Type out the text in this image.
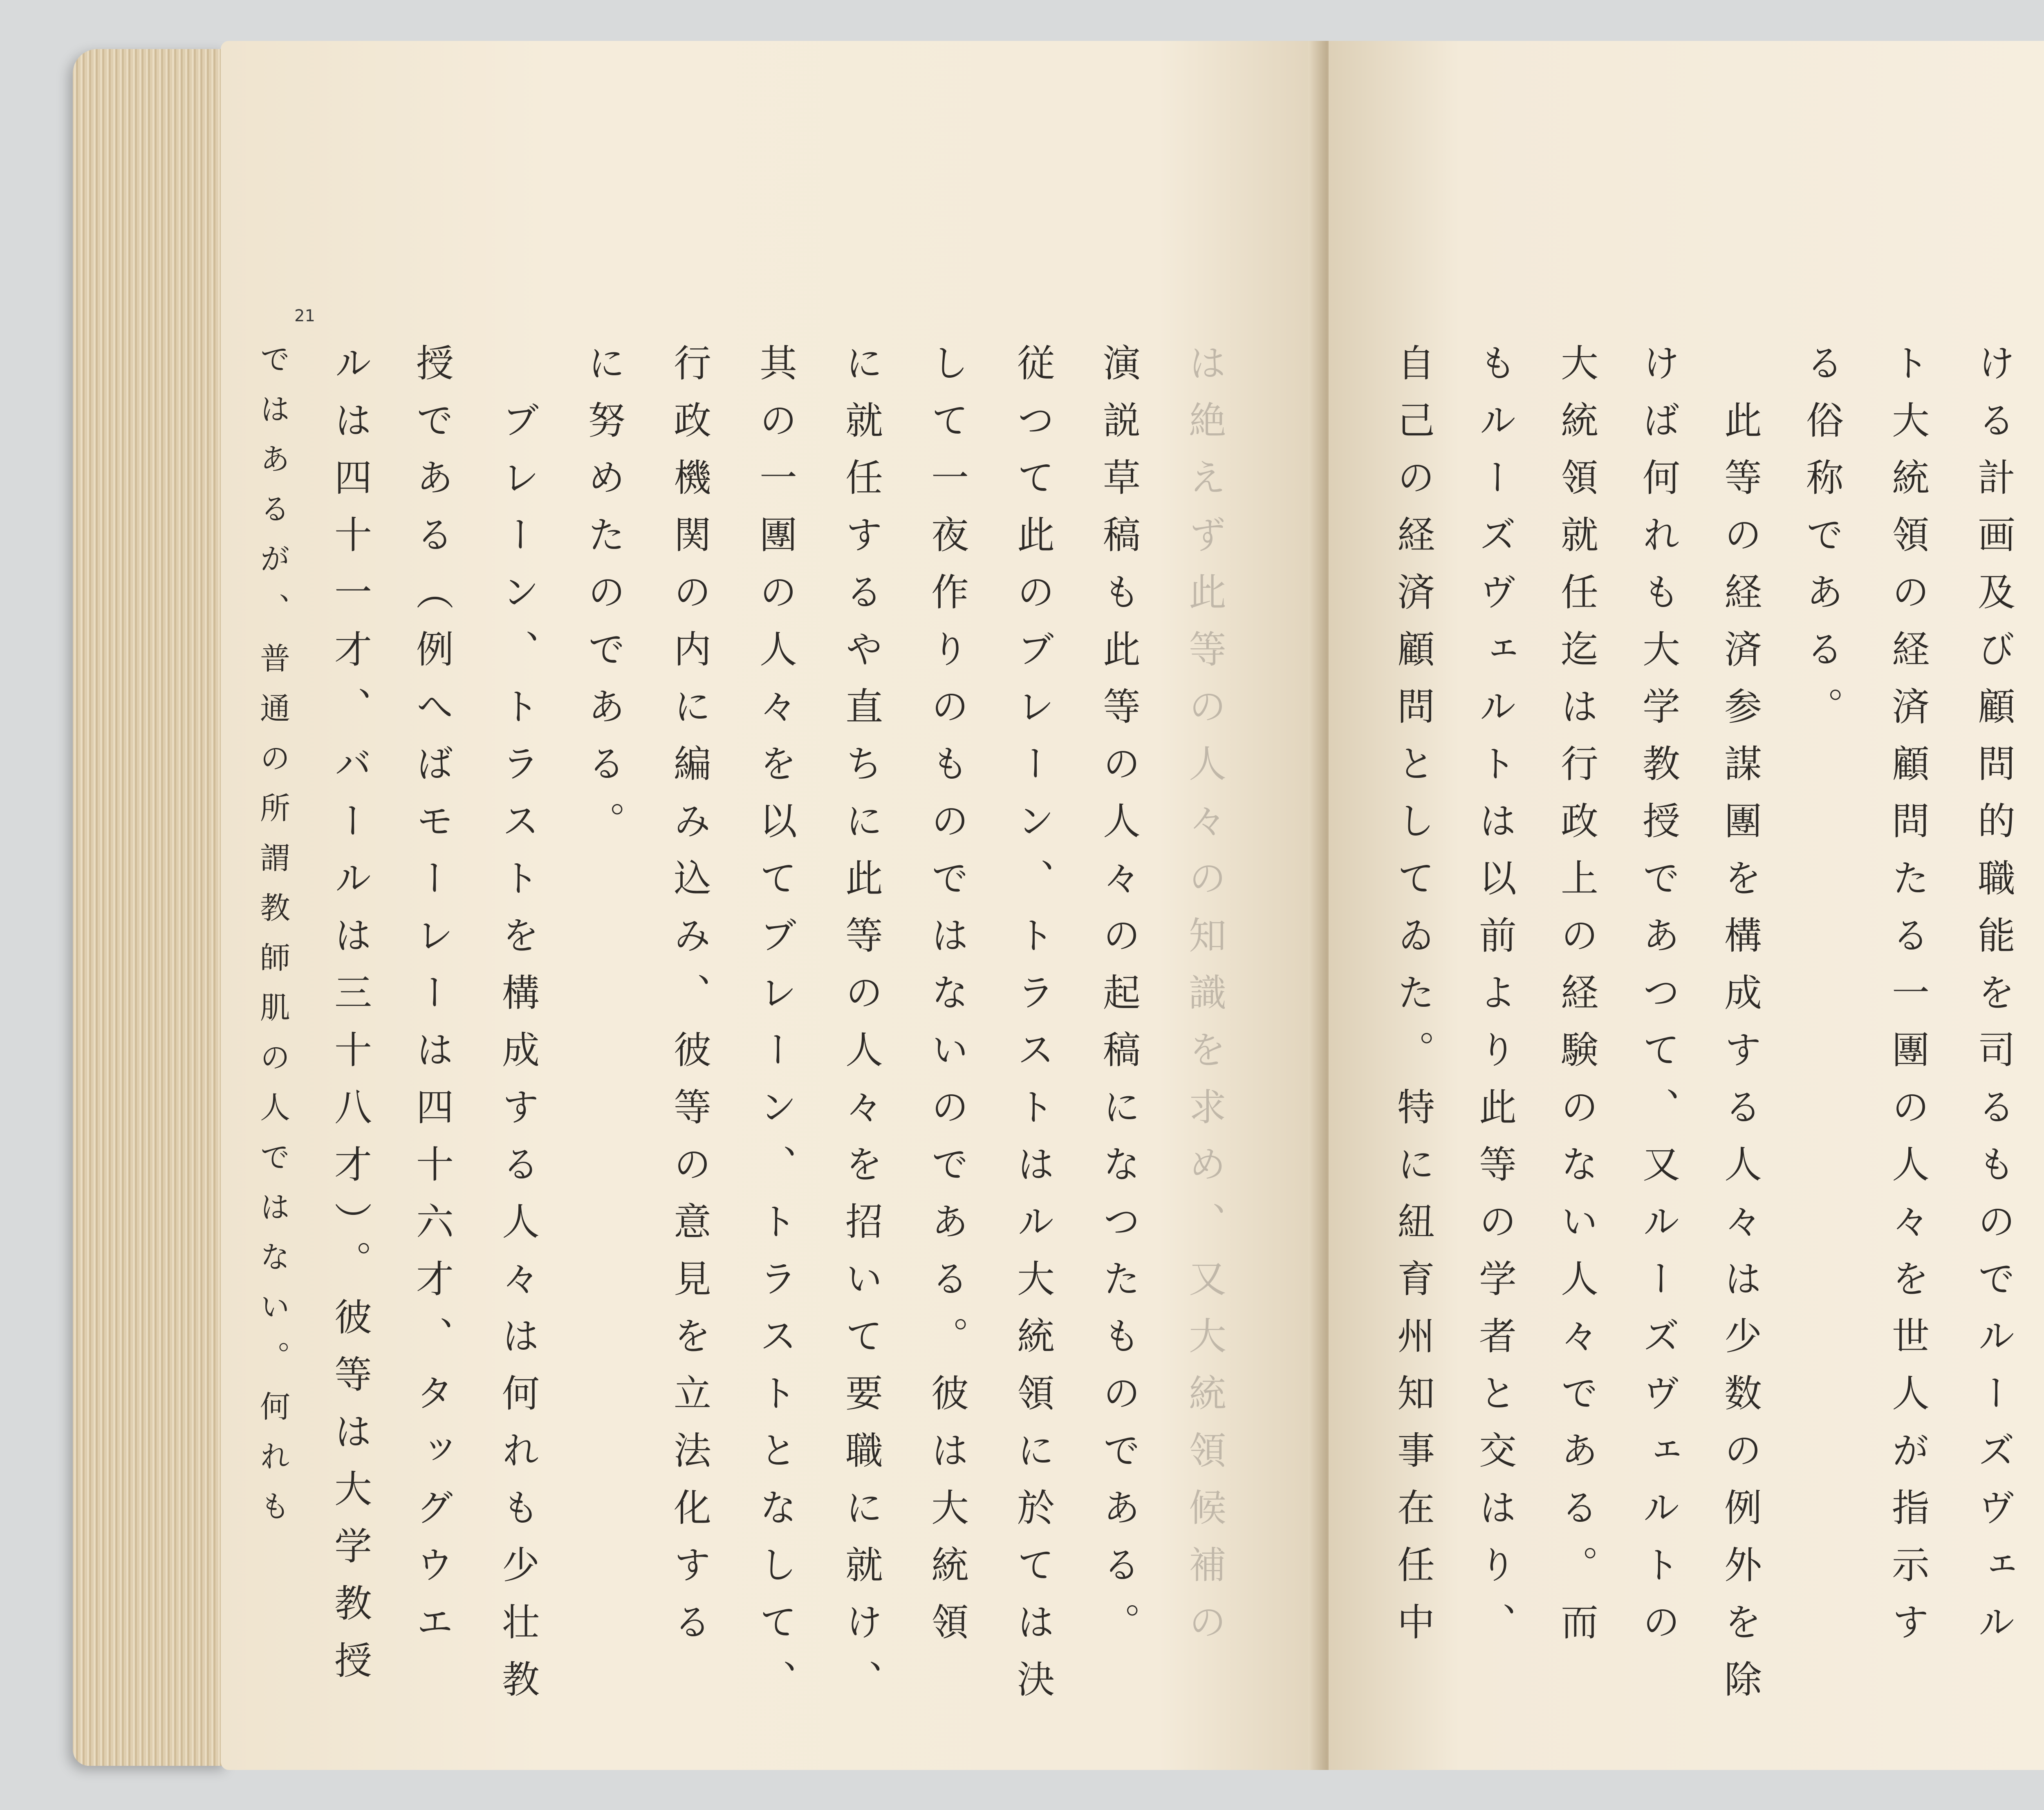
21
は絶えず此等の人々の知識を求め、又大統領候補の
演説草稿も此等の人々の起稿になつたものである。
従つて此のブレーン、トラストはル大統領に於ては決
して一夜作りのものではないのである。彼は大統領
に就任するや直ちに此等の人々を招いて要職に就け、
其の一團の人々を以てブレーン、トラストとなして、
行政機関の内に編み込み、彼等の意見を立法化する
に努めたのである。
　ブレーン、トラストを構成する人々は何れも少壮教
授である（例へばモーレーは四十六才、タッグウエ
ルは四十一才、バールは三十八才）。彼等は大学教授
ではあるが、普通の所謂教師肌の人ではない。何れも	ける計画及び顧問的職能を司るものでルーズヴェル
ト大統領の経済顧問たる一團の人々を世人が指示す
る俗称である。
　此等の経済参謀團を構成する人々は少数の例外を除
けば何れも大学教授であつて、又ルーズヴェルトの
大統領就任迄は行政上の経験のない人々である。而
もルーズヴェルトは以前より此等の学者と交はり、
自己の経済顧問としてゐた。特に紐育州知事在任中
